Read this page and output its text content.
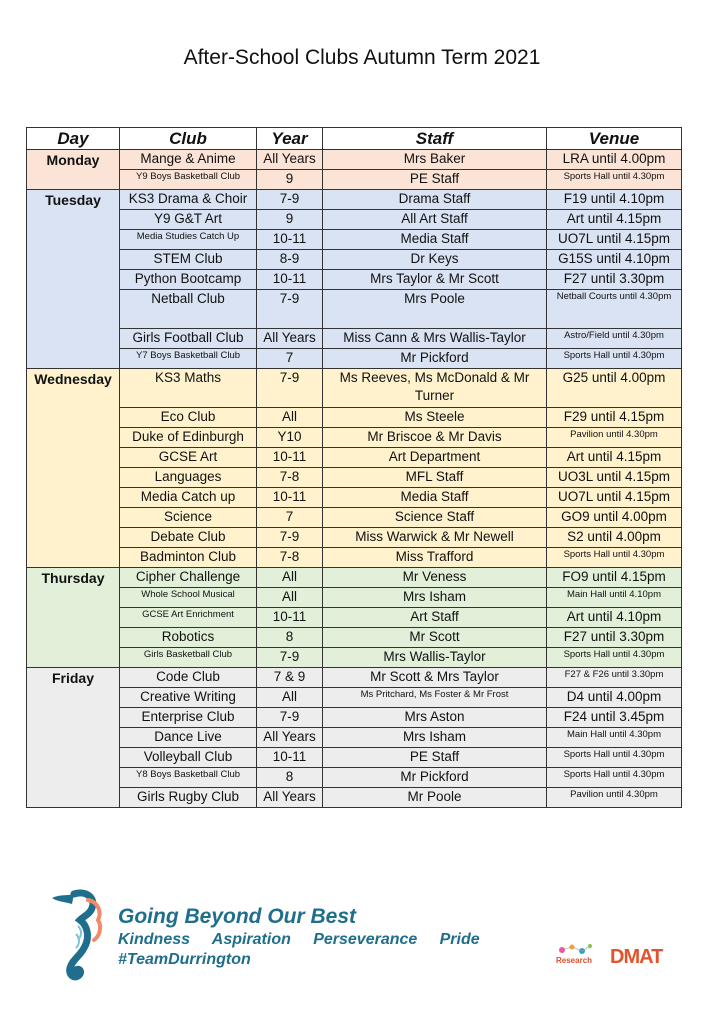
After-School Clubs Autumn Term 2021
Day	Club	Year	Staff	Venue
Monday	Mange & Anime	All Years	Mrs Baker	LRA until 4.00pm
	Y9 Boys Basketball Club	9	PE Staff	Sports Hall until 4.30pm
Tuesday	KS3 Drama & Choir	7-9	Drama Staff	F19 until 4.10pm
	Y9 G&T Art	9	All Art Staff	Art until 4.15pm
	Media Studies Catch Up	10-11	Media Staff	UO7L until 4.15pm
	STEM Club	8-9	Dr Keys	G15S until 4.10pm
	Python Bootcamp	10-11	Mrs Taylor & Mr Scott	F27 until 3.30pm
	Netball Club	7-9	Mrs Poole	Netball Courts until 4.30pm
	Girls Football Club	All Years	Miss Cann & Mrs Wallis-Taylor	Astro/Field until 4.30pm
	Y7 Boys Basketball Club	7	Mr Pickford	Sports Hall until 4.30pm
Wednesday	KS3 Maths	7-9	Ms Reeves, Ms McDonald & Mr Turner	G25 until 4.00pm
	Eco Club	All	Ms Steele	F29 until 4.15pm
	Duke of Edinburgh	Y10	Mr Briscoe & Mr Davis	Pavilion until 4.30pm
	GCSE Art	10-11	Art Department	Art until 4.15pm
	Languages	7-8	MFL Staff	UO3L until 4.15pm
	Media Catch up	10-11	Media Staff	UO7L until 4.15pm
	Science	7	Science Staff	GO9 until 4.00pm
	Debate Club	7-9	Miss Warwick & Mr Newell	S2 until 4.00pm
	Badminton Club	7-8	Miss Trafford	Sports Hall until 4.30pm
Thursday	Cipher Challenge	All	Mr Veness	FO9 until 4.15pm
	Whole School Musical	All	Mrs Isham	Main Hall until 4.10pm
	GCSE Art Enrichment	10-11	Art Staff	Art until 4.10pm
	Robotics	8	Mr Scott	F27 until 3.30pm
	Girls Basketball Club	7-9	Mrs Wallis-Taylor	Sports Hall until 4.30pm
Friday	Code Club	7 & 9	Mr Scott & Mrs Taylor	F27 & F26 until 3.30pm
	Creative Writing	All	Ms Pritchard, Ms Foster & Mr Frost	D4 until 4.00pm
	Enterprise Club	7-9	Mrs Aston	F24 until 3.45pm
	Dance Live	All Years	Mrs Isham	Main Hall until 4.30pm
	Volleyball Club	10-11	PE Staff	Sports Hall until 4.30pm
	Y8 Boys Basketball Club	8	Mr Pickford	Sports Hall until 4.30pm
	Girls Rugby Club	All Years	Mr Poole	Pavilion until 4.30pm

Going Beyond Our Best

Kindness   Aspiration   Perseverance   Pride

#TeamDurrington	Research DMAT
